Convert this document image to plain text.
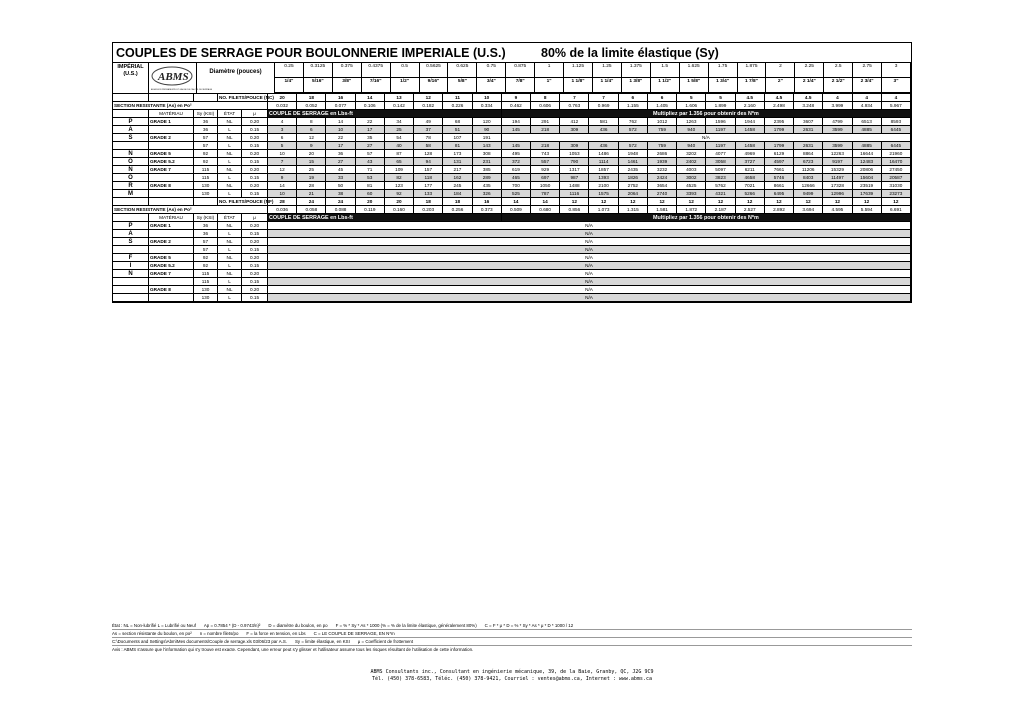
COUPLES DE SERRAGE POUR BOULONNERIE IMPERIALE (U.S.)	80% de la limite élastique (Sy)
IMPÉRIAL (U.S.)	ABMS
ADHESION PERMANENTE ET GAUGE DE CALCUL DE SERRAGE
Diamètre (pouces)
0.25	0.3125	0.375	0.4375	0.5	0.5625	0.625	0.75	0.875	1	1.125	1.25	1.375	1.5	1.625	1.75	1.875	2	2.25	2.5	2.75	3
1/4"	5/16"	3/8"	7/16"	1/2"	9/16"	5/8"	3/4"	7/8"	1"	1 1/8"	1 1/4"	1 3/8"	1 1/2"	1 5/8"	1 3/4"	1 7/8"	2"	2 1/4"	2 1/2"	2 3/4"	3"
NO. FILETS/POUCE (NC)	20	18	16	14	13	12	11	10	9	8	7	7	6	6	5	5	4.5	4.5	4.5	4	4	4
SECTION RESISTANTE (As) en Po²	0.032	0.052	0.077	0.106	0.142	0.182	0.226	0.334	0.462	0.606	0.763	0.969	1.155	1.405	1.606	1.899	2.160	2.498	3.248	3.999	4.934	5.967
MATÉRIAU	Sy (KSI)	ÉTAT	μ	COUPLE DE SERRAGE en Lbs-ft	Multipliez par 1.356 pour obtenir des N*m
P	GRADE 1	36	NL	0.20	4	8	14	22	34	49	68	120	194	291	412	581	762	1012	1263	1596	1944	2395	3607	4799	6513	8593
A	36	L	0.15	3	6	10	17	25	37	51	90	145	218	309	436	572	759	940	1197	1458	1799	2631	3599	4885	6445
S	GRADE 2	57	NL	0.20	6	12	22	35	54	78	107	191	N/A
57	L	0.15	5	9	17	27	40	58	81	143	145	218	309	436	572	759	940	1197	1458	1799	2631	3599	4885	6445
N	GRADE 5	92	NL	0.20	10	20	36	57	87	128	173	308	495	743	1053	1486	1948	2686	3202	4077	4969	6129	8864	12263	16644	21960
O	GRADE 5.2	92	L	0.15	7	15	27	43	65	94	131	231	372	557	790	1114	1461	1939	2402	3058	3727	4597	6723	9197	12483	16470
N	GRADE 7	115	NL	0.20	12	25	45	71	109	157	217	385	619	929	1317	1857	2435	3232	4003	5097	6211	7661	11206	15329	20806	27450
O	115	L	0.15	9	19	33	53	82	118	162	289	465	697	987	1393	1826	2424	3002	3823	4658	5746	8403	11497	15604	20587
R	GRADE 8	130	NL	0.20	14	28	50	81	123	177	245	435	700	1050	1488	2100	2752	3654	4525	5762	7021	8661	12666	17328	23519	31030
M	130	L	0.15	10	21	38	60	92	133	184	326	525	787	1116	1575	2064	2740	3393	4321	5266	6495	9499	12996	17639	23273
NO. FILETS/POUCE (NF)	28	24	24	20	20	18	18	16	14	14	12	12	12	12	12	12	12	12	12	12	12	12
SECTION RESISTANTE (As) en Po²	0.036	0.058	0.088	0.119	0.160	0.203	0.256	0.373	0.509	0.680	0.856	1.073	1.315	1.581	1.872	2.187	2.527	2.892	3.694	4.595	5.594	6.691
MATÉRIAU	Sy (KSI)	ÉTAT	μ	COUPLE DE SERRAGE en Lbs-ft	Multipliez par 1.356 pour obtenir des N*m
P	GRADE 1	36	NL	0.20	N/A
A	36	L	0.15	N/A
S	GRADE 2	57	NL	0.20	N/A
57	L	0.15	N/A
F	GRADE 5	92	NL	0.20	N/A
I	GRADE 5.2	92	L	0.15	N/A
N	GRADE 7	115	NL	0.20	N/A
115	L	0.15	N/A
GRADE 8	130	NL	0.20	N/A
130	L	0.15	N/A
État : NL = Non-lubrifié L = Lubrifié ou Neuf Ap = 0.7854 * (D - 0.9743/n)² D = diamètre du boulon, en po F = % * Sy * As * 1000 (% = % de la limite élastique, généralement 80%) C = F * μ * D = % * Sy * As * μ * D * 1000 / 12
As = section résistante du boulon, en po² n = nombre filets/po F = la force en tension, en Lbs C = LE COUPLE DE SERRAGE, EN N*m
C:\Documents and Settings\Abm\Mes documents\Couple de serrage.xls 03/06/23 par A.S. Sy = limite élastique, en KSI μ = Coefficient de frottement
Avis : ABMS s'assure que l'information qui s'y trouve est exacte. Cependant, une erreur peut s'y glisser et l'utilisateur assume tous les risques résultant de l'utilisation de cette information.
ABMS Consultants inc., Consultant en ingénierie mécanique, 39, de la Baie, Granby, QC, J2G 9C9
Tél. (450) 378-6583, Téléc. (450) 378-9421, Courriel : ventes@abms.ca, Internet : www.abms.ca
